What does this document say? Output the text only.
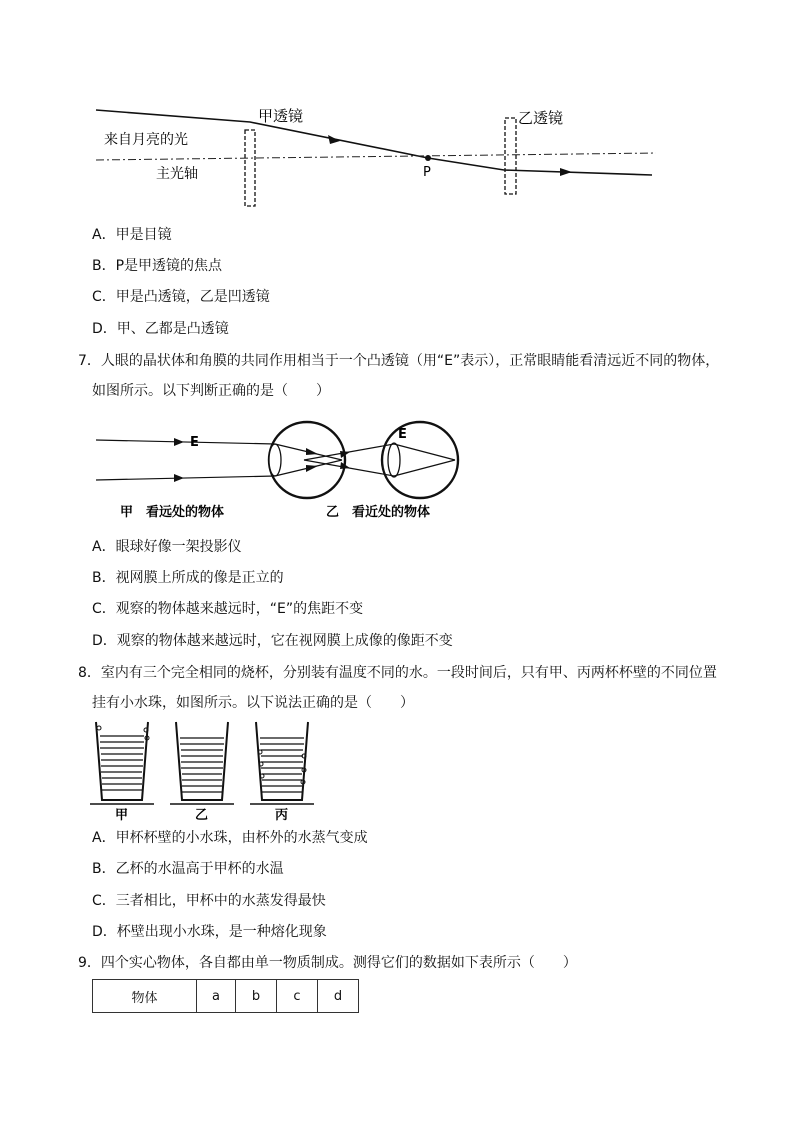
甲透镜	乙透镜
来自月亮的光
主光轴	P
A．甲是目镜
B．P是甲透镜的焦点
C．甲是凸透镜，乙是凹透镜
D．甲、乙都是凸透镜
7．人眼的晶状体和角膜的共同作用相当于一个凸透镜（用“E”表示），正常眼睛能看清远近不同的物体，
如图所示。以下判断正确的是（　　）
E
甲　看远处的物体
E
乙　看近处的物体
A．眼球好像一架投影仪
B．视网膜上所成的像是正立的
C．观察的物体越来越远时，“E”的焦距不变
D．观察的物体越来越远时，它在视网膜上成像的像距不变
8．室内有三个完全相同的烧杯，分别装有温度不同的水。一段时间后，只有甲、丙两杯杯壁的不同位置
挂有小水珠，如图所示。以下说法正确的是（　　）
甲	乙	丙
A．甲杯杯壁的小水珠，由杯外的水蒸气变成
B．乙杯的水温高于甲杯的水温
C．三者相比，甲杯中的水蒸发得最快
D．杯壁出现小水珠，是一种熔化现象
9．四个实心物体，各自都由单一物质制成。测得它们的数据如下表所示（　　）
物体	a	b	c	d
